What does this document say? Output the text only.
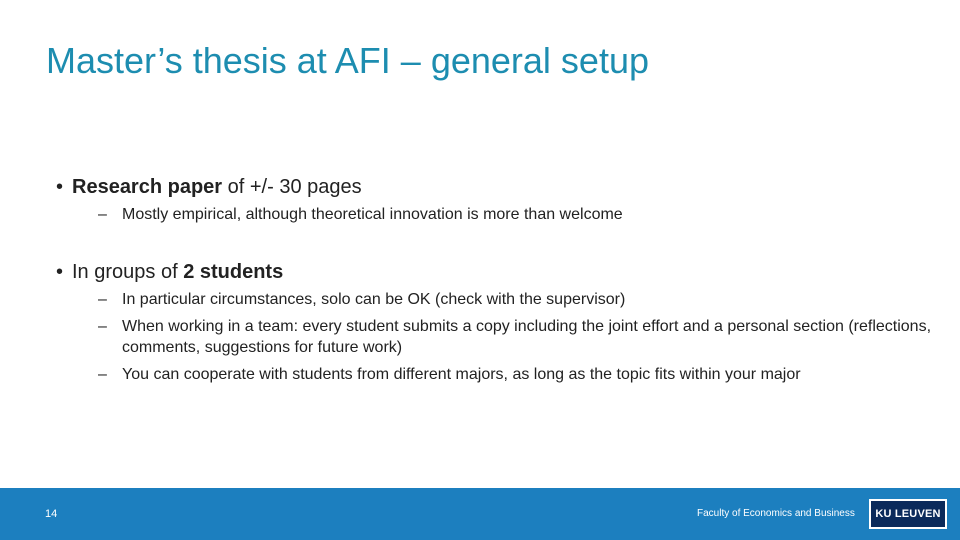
Master’s thesis at AFI – general setup
• Research paper of +/- 30 pages
– Mostly empirical, although theoretical innovation is more than welcome
• In groups of 2 students
– In particular circumstances, solo can be OK (check with the supervisor)
– When working in a team: every student submits a copy including the joint effort and a personal section (reflections, comments, suggestions for future work)
– You can cooperate with students from different majors, as long as the topic fits within your major
14	Faculty of Economics and Business	KU LEUVEN
